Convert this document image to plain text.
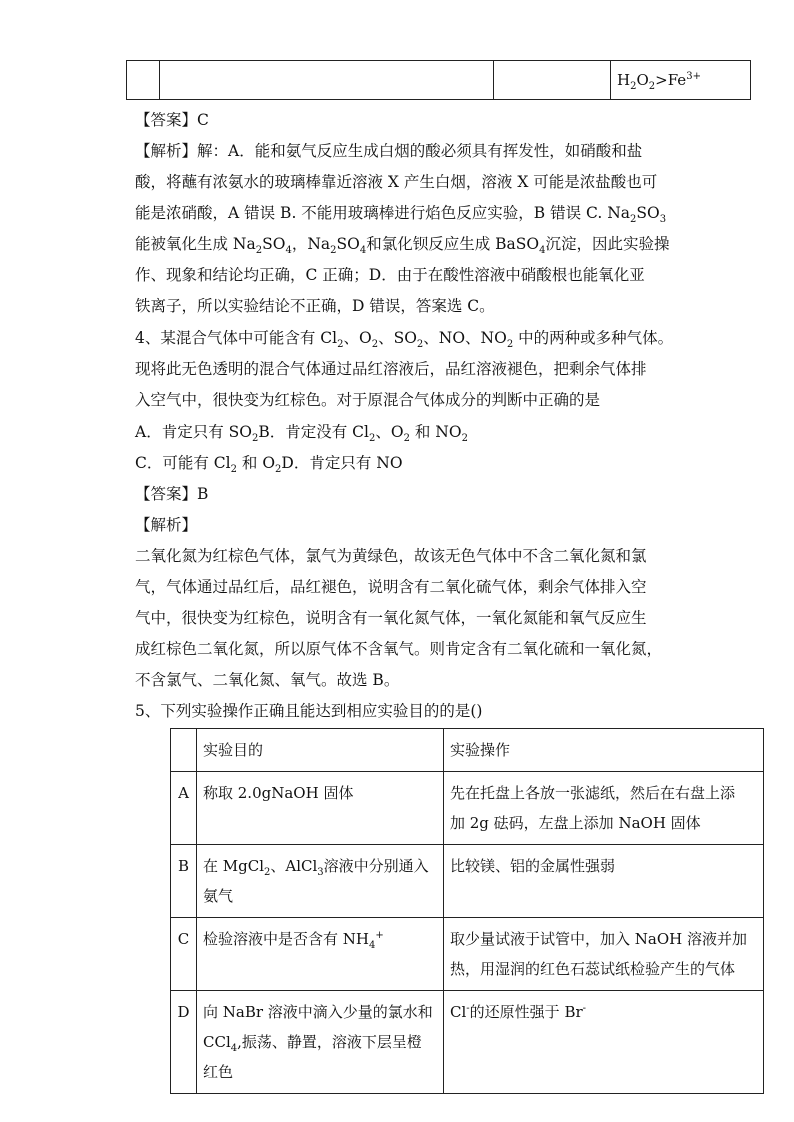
			$H_2O_2>Fe^{3+}$
【答案】C
【解析】解：A．能和氨气反应生成白烟的酸必须具有挥发性，如硝酸和盐
酸，将蘸有浓氨水的玻璃棒靠近溶液 X 产生白烟，溶液 X 可能是浓盐酸也可
能是浓硝酸，A 错误 B. 不能用玻璃棒进行焰色反应实验，B 错误 C. $Na_2SO_3$
能被氧化生成 $Na_2SO_4$，$Na_2SO_4$和氯化钡反应生成 BaSO$_4$沉淀，因此实验操
作、现象和结论均正确，C 正确；D．由于在酸性溶液中硝酸根也能氧化亚
铁离子，所以实验结论不正确，D 错误，答案选 C。
4、某混合气体中可能含有 $Cl_2$、$O_2$、$SO_2$、NO、$NO_2$ 中的两种或多种气体。
现将此无色透明的混合气体通过品红溶液后，品红溶液褪色，把剩余气体排
入空气中，很快变为红棕色。对于原混合气体成分的判断中正确的是
A．肯定只有 $SO_2B$．肯定没有 $Cl_2$、$O_2$ 和 $NO_2$
C．可能有 $Cl_2$ 和 $O_2D$．肯定只有 NO
【答案】B
【解析】
二氧化氮为红棕色气体，氯气为黄绿色，故该无色气体中不含二氧化氮和氯
气，气体通过品红后，品红褪色，说明含有二氧化硫气体，剩余气体排入空
气中，很快变为红棕色，说明含有一氧化氮气体，一氧化氮能和氧气反应生
成红棕色二氧化氮，所以原气体不含氧气。则肯定含有二氧化硫和一氧化氮，
不含氯气、二氧化氮、氧气。故选 B。
5、下列实验操作正确且能达到相应实验目的的是()
	实验目的	实验操作
A	称取 2.0gNaOH 固体	先在托盘上各放一张滤纸，然后在右盘上添
加 2g 砝码，左盘上添加 NaOH 固体

B	在 MgCl$_2$、AlCl$_3$溶液中分别通入
氨气	比较镁、铝的金属性强弱
C	检验溶液中是否含有 $NH_4^+$	取少量试液于试管中，加入 NaOH 溶液并加
热，用湿润的红色石蕊试纸检验产生的气体

D	向 NaBr 溶液中滴入少量的氯水和
CCl$_4$,振荡、静置，溶液下层呈橙
红色	Cl-的还原性强于 Br-
